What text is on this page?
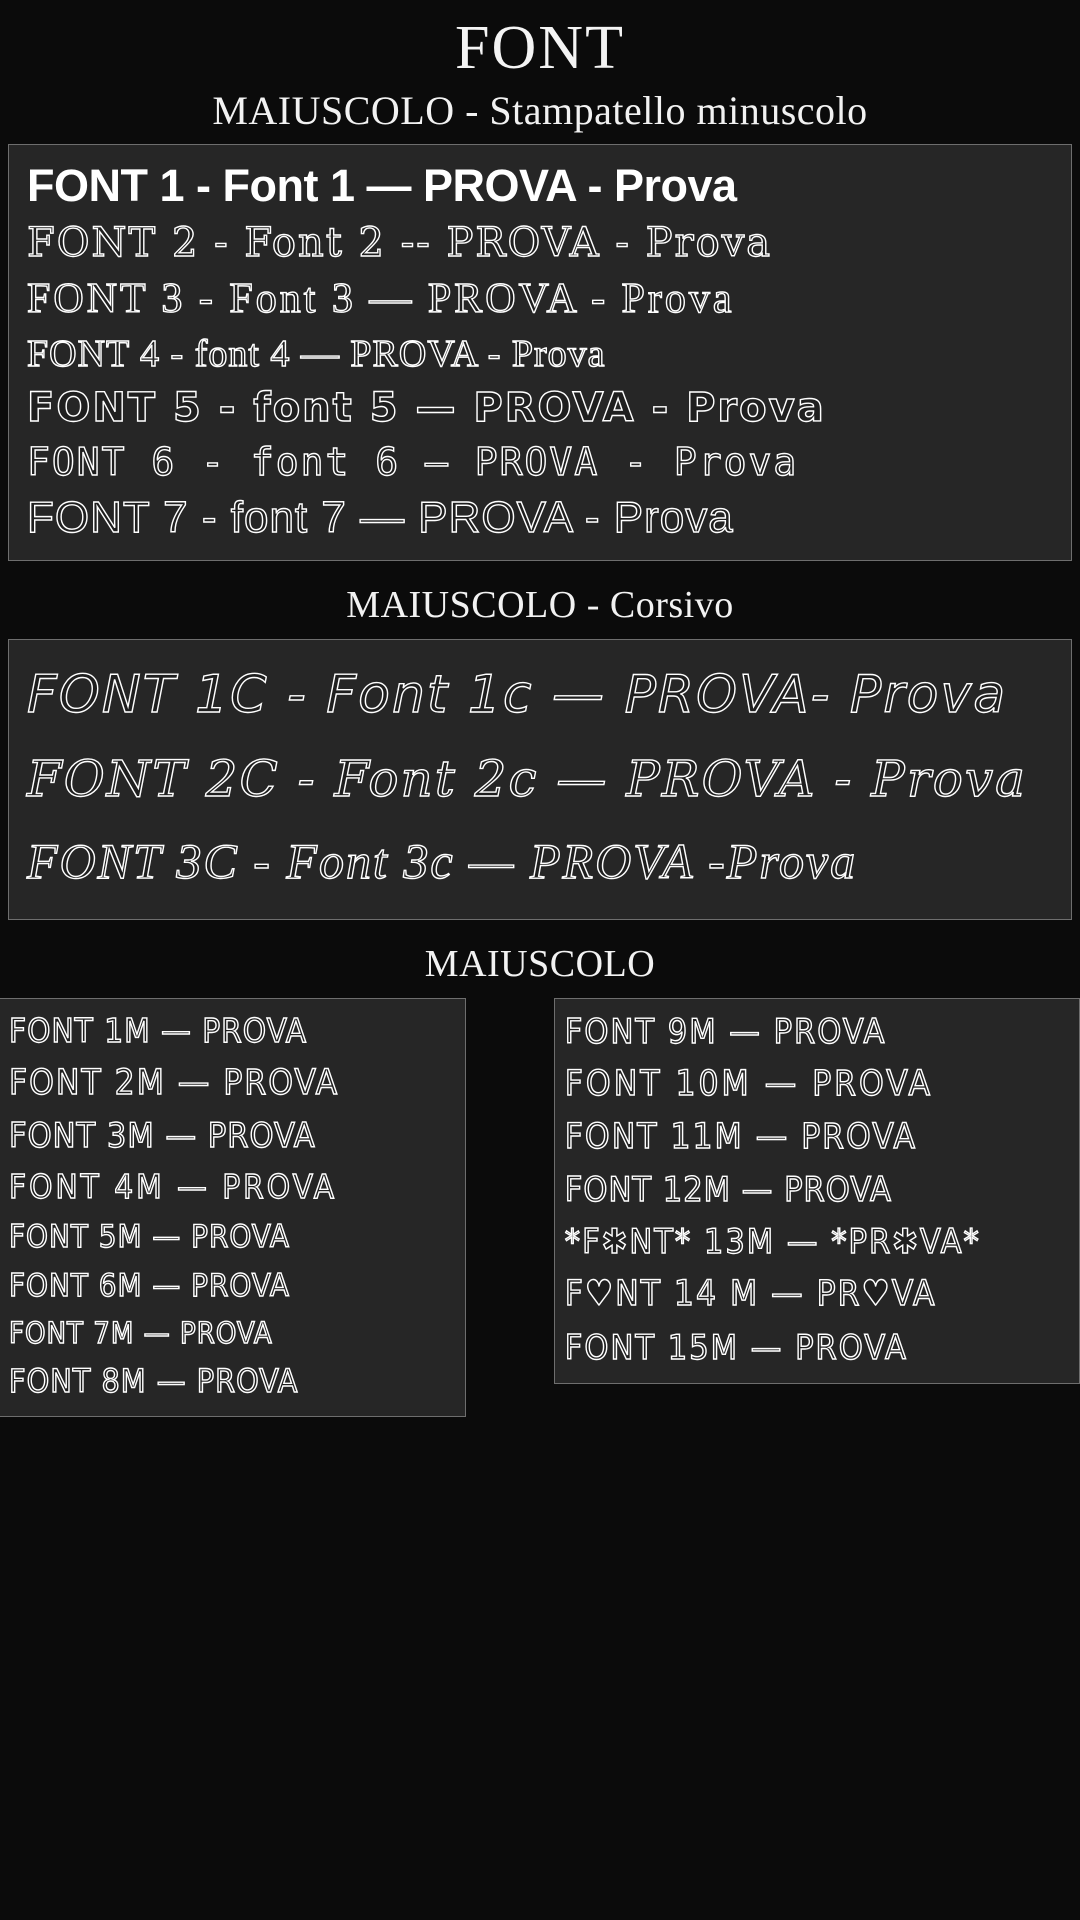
FONT
MAIUSCOLO - Stampatello minuscolo
FONT 1 - Font 1 — PROVA - Prova
FONT 2 - Font 2 -- PROVA - Prova
FONT 3 - Font 3 — PROVA - Prova
FONT 4 - font 4 — PROVA - Prova
FONT 5 - font 5 — PROVA - Prova
FONT 6 - font 6 — PROVA - Prova
FONT 7 - font 7 — PROVA - Prova
MAIUSCOLO - Corsivo
FONT 1C - Font 1c — PROVA- Prova
FONT 2C - Font 2c — PROVA - Prova
FONT 3C - Font 3c — PROVA -Prova
MAIUSCOLO
FONT 1M — PROVA
FONT 2M — PROVA
FONT 3M — PROVA
FONT 4M — PROVA
FONT 5M — PROVA
FONT 6M — PROVA
FONT 7M — PROVA
FONT 8M — PROVA
FONT 9M — PROVA
FONT 10M — PROVA
FONT 11M — PROVA
FONT 12M — PROVA
*F✱NT* 13M — *PR✱VA*
F♥NT 14 M — PR♥VA
FONT 15M — PROVA
